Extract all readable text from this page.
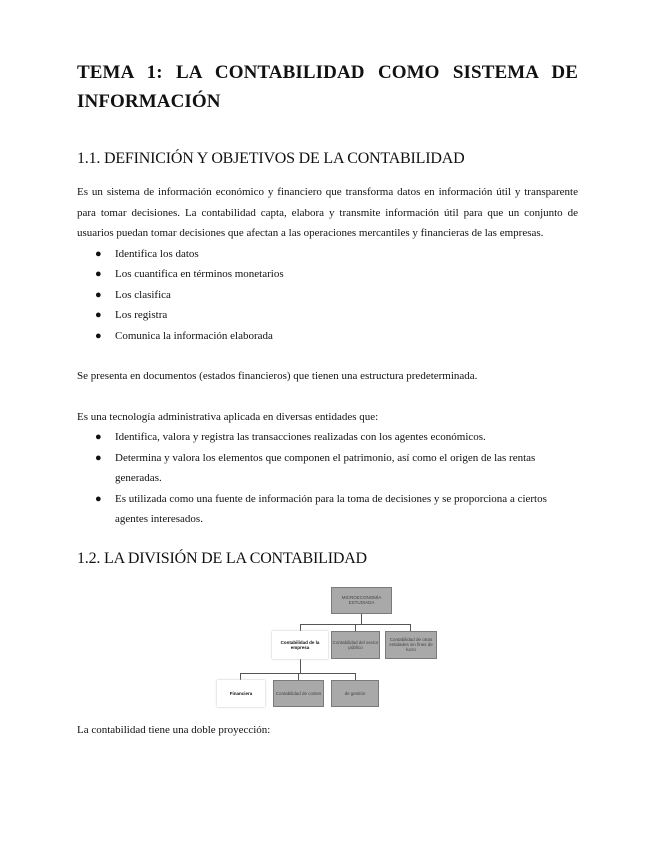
TEMA 1: LA CONTABILIDAD COMO SISTEMA DE INFORMACIÓN
1.1. DEFINICIÓN Y OBJETIVOS DE LA CONTABILIDAD

Es un sistema de información económico y financiero que transforma datos en información útil y transparente para tomar decisiones. La contabilidad capta, elabora y transmite información útil para que un conjunto de usuarios puedan tomar decisiones que afectan a las operaciones mercantiles y financieras de las empresas.

● Identifica los datos
● Los cuantifica en términos monetarios
● Los clasifica
● Los registra
● Comunica la información elaborada

Se presenta en documentos (estados financieros) que tienen una estructura predeterminada.

Es una tecnología administrativa aplicada en diversas entidades que:

● Identifica, valora y registra las transacciones realizadas con los agentes económicos.
● Determina y valora los elementos que componen el patrimonio, así como el origen de las rentas generadas.
● Es utilizada como una fuente de información para la toma de decisiones y se proporciona a ciertos agentes interesados.
1.2. LA DIVISIÓN DE LA CONTABILIDAD
MICROECONOMÍA ESTUDIADA
Contabilidad de la empresa
Contabilidad del sector público
Contabilidad de otras entidades sin fines de lucro
Financiera	Contabilidad de costes	de gestión

La contabilidad tiene una doble proyección:
